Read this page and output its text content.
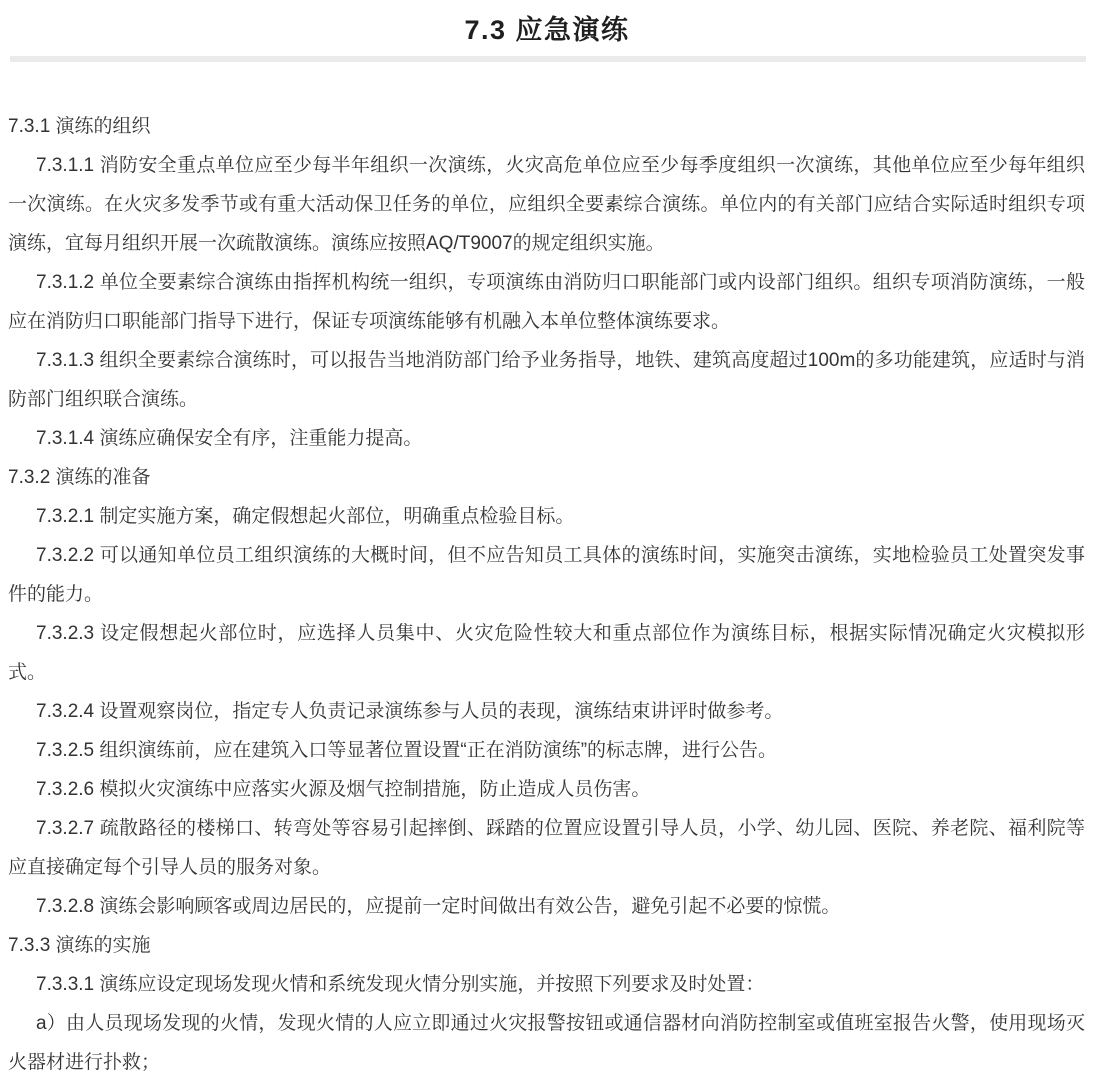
7.3 应急演练

7.3.1 演练的组织

7.3.1.1 消防安全重点单位应至少每半年组织一次演练，火灾高危单位应至少每季度组织一次演练，其他单位应至少每年组织一次演练。在火灾多发季节或有重大活动保卫任务的单位，应组织全要素综合演练。单位内的有关部门应结合实际适时组织专项演练，宜每月组织开展一次疏散演练。演练应按照AQ/T9007的规定组织实施。

7.3.1.2 单位全要素综合演练由指挥机构统一组织，专项演练由消防归口职能部门或内设部门组织。组织专项消防演练，一般应在消防归口职能部门指导下进行，保证专项演练能够有机融入本单位整体演练要求。

7.3.1.3 组织全要素综合演练时，可以报告当地消防部门给予业务指导，地铁、建筑高度超过100m的多功能建筑，应适时与消防部门组织联合演练。

7.3.1.4 演练应确保安全有序，注重能力提高。

7.3.2 演练的准备

7.3.2.1 制定实施方案，确定假想起火部位，明确重点检验目标。

7.3.2.2 可以通知单位员工组织演练的大概时间，但不应告知员工具体的演练时间，实施突击演练，实地检验员工处置突发事件的能力。

7.3.2.3 设定假想起火部位时，应选择人员集中、火灾危险性较大和重点部位作为演练目标，根据实际情况确定火灾模拟形式。

7.3.2.4 设置观察岗位，指定专人负责记录演练参与人员的表现，演练结束讲评时做参考。

7.3.2.5 组织演练前，应在建筑入口等显著位置设置“正在消防演练”的标志牌，进行公告。

7.3.2.6 模拟火灾演练中应落实火源及烟气控制措施，防止造成人员伤害。

7.3.2.7 疏散路径的楼梯口、转弯处等容易引起摔倒、踩踏的位置应设置引导人员，小学、幼儿园、医院、养老院、福利院等应直接确定每个引导人员的服务对象。

7.3.2.8 演练会影响顾客或周边居民的，应提前一定时间做出有效公告，避免引起不必要的惊慌。

7.3.3 演练的实施

7.3.3.1 演练应设定现场发现火情和系统发现火情分别实施，并按照下列要求及时处置：

a）由人员现场发现的火情，发现火情的人应立即通过火灾报警按钮或通信器材向消防控制室或值班室报告火警，使用现场灭火器材进行扑救；
